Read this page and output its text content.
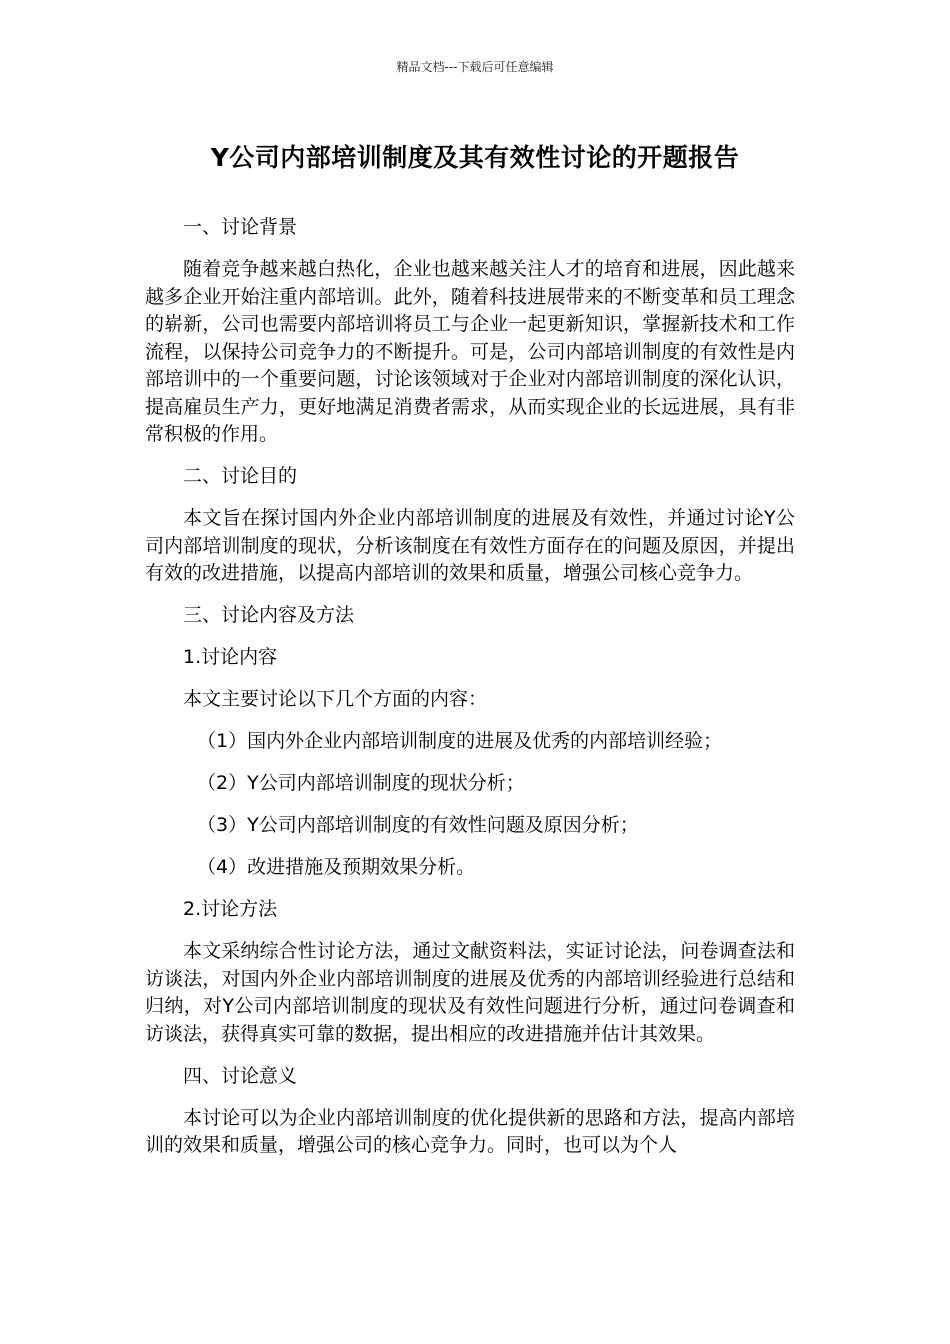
精品文档---下载后可任意编辑
Y公司内部培训制度及其有效性讨论的开题报告

一、讨论背景

随着竞争越来越白热化，企业也越来越关注人才的培育和进展，因此越来越多企业开始注重内部培训。此外，随着科技进展带来的不断变革和员工理念的崭新，公司也需要内部培训将员工与企业一起更新知识，掌握新技术和工作流程，以保持公司竞争力的不断提升。可是，公司内部培训制度的有效性是内部培训中的一个重要问题，讨论该领域对于企业对内部培训制度的深化认识，提高雇员生产力，更好地满足消费者需求，从而实现企业的长远进展，具有非常积极的作用。

二、讨论目的

本文旨在探讨国内外企业内部培训制度的进展及有效性，并通过讨论Y公司内部培训制度的现状，分析该制度在有效性方面存在的问题及原因，并提出有效的改进措施，以提高内部培训的效果和质量，增强公司核心竞争力。

三、讨论内容及方法

1.讨论内容

本文主要讨论以下几个方面的内容：

（1）国内外企业内部培训制度的进展及优秀的内部培训经验；

（2）Y公司内部培训制度的现状分析；

（3）Y公司内部培训制度的有效性问题及原因分析；

（4）改进措施及预期效果分析。

2.讨论方法

本文采纳综合性讨论方法，通过文献资料法，实证讨论法，问卷调查法和访谈法，对国内外企业内部培训制度的进展及优秀的内部培训经验进行总结和归纳，对Y公司内部培训制度的现状及有效性问题进行分析，通过问卷调查和访谈法，获得真实可靠的数据，提出相应的改进措施并估计其效果。

四、讨论意义

本讨论可以为企业内部培训制度的优化提供新的思路和方法，提高内部培训的效果和质量，增强公司的核心竞争力。同时，也可以为个人
